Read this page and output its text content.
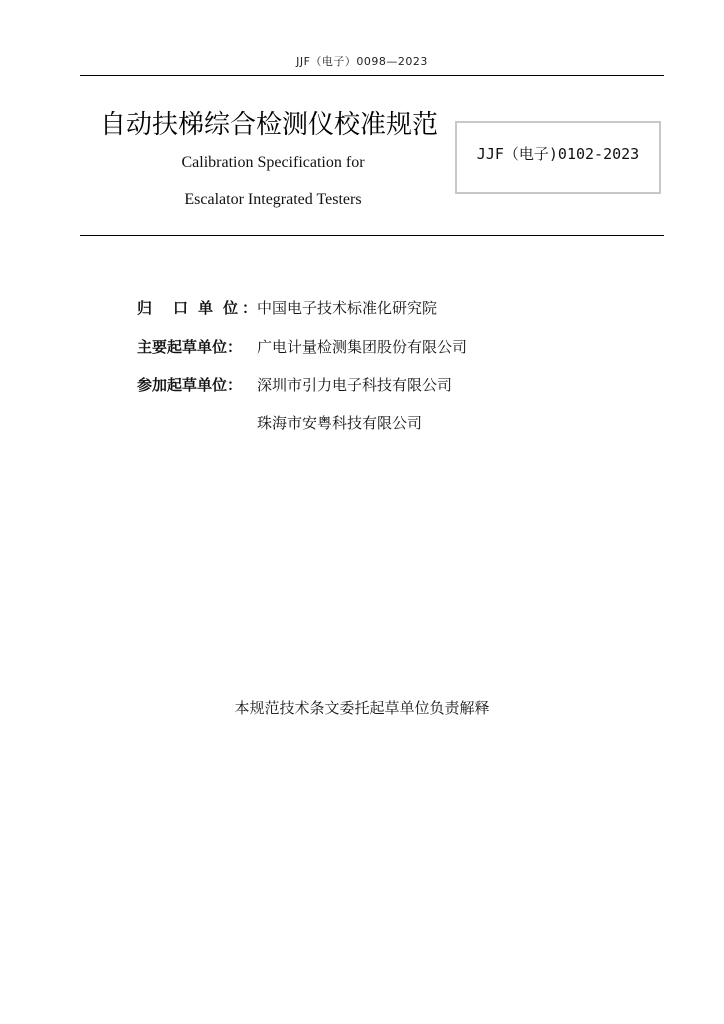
JJF（电子）0098—2023
自动扶梯综合检测仪校准规范
Calibration Specification for
Escalator Integrated Testers
JJF（电子)0102-2023
归 口 单 位 ：中国电子技术标准化研究院
主要起草单位： 广电计量检测集团股份有限公司
参加起草单位： 深圳市引力电子科技有限公司
珠海市安粤科技有限公司
本规范技术条文委托起草单位负责解释
